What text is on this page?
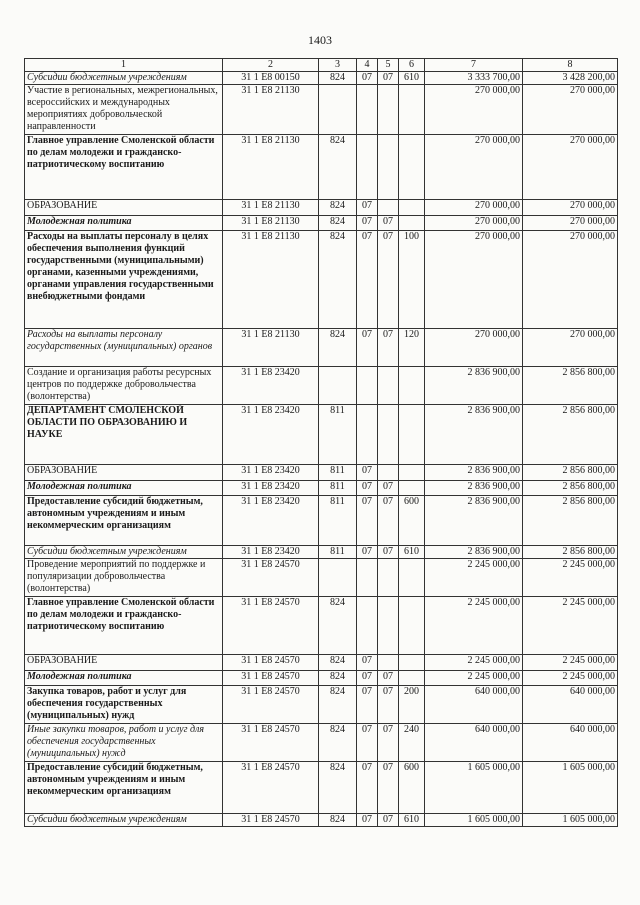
1403
1	2	3	4	5	6	7	8
Субсидии бюджетным учреждениям	31 1 E8 00150	824	07	07	610	3 333 700,00	3 428 200,00
Участие в региональных, межрегиональных, всероссийских и международных мероприятиях добровольческой направленности	31 1 E8 21130					270 000,00	270 000,00
Главное управление Смоленской области по делам молодежи и гражданско-патриотическому воспитанию	31 1 E8 21130	824				270 000,00	270 000,00
ОБРАЗОВАНИЕ	31 1 E8 21130	824	07			270 000,00	270 000,00
Молодежная политика	31 1 E8 21130	824	07	07		270 000,00	270 000,00
Расходы на выплаты персоналу в целях обеспечения выполнения функций государственными (муниципальными) органами, казенными учреждениями, органами управления государственными внебюджетными фондами	31 1 E8 21130	824	07	07	100	270 000,00	270 000,00
Расходы на выплаты персоналу государственных (муниципальных) органов	31 1 E8 21130	824	07	07	120	270 000,00	270 000,00
Создание и организация работы ресурсных центров по поддержке добровольчества (волонтерства)	31 1 E8 23420					2 836 900,00	2 856 800,00
ДЕПАРТАМЕНТ СМОЛЕНСКОЙ ОБЛАСТИ ПО ОБРАЗОВАНИЮ И НАУКЕ	31 1 E8 23420	811				2 836 900,00	2 856 800,00
ОБРАЗОВАНИЕ	31 1 E8 23420	811	07			2 836 900,00	2 856 800,00
Молодежная политика	31 1 E8 23420	811	07	07		2 836 900,00	2 856 800,00
Предоставление субсидий бюджетным, автономным учреждениям и иным некоммерческим организациям	31 1 E8 23420	811	07	07	600	2 836 900,00	2 856 800,00
Субсидии бюджетным учреждениям	31 1 E8 23420	811	07	07	610	2 836 900,00	2 856 800,00
Проведение мероприятий по поддержке и популяризации добровольчества (волонтерства)	31 1 E8 24570					2 245 000,00	2 245 000,00
Главное управление Смоленской области по делам молодежи и гражданско-патриотическому воспитанию	31 1 E8 24570	824				2 245 000,00	2 245 000,00
ОБРАЗОВАНИЕ	31 1 E8 24570	824	07			2 245 000,00	2 245 000,00
Молодежная политика	31 1 E8 24570	824	07	07		2 245 000,00	2 245 000,00
Закупка товаров, работ и услуг для обеспечения государственных (муниципальных) нужд	31 1 E8 24570	824	07	07	200	640 000,00	640 000,00
Иные закупки товаров, работ и услуг для обеспечения государственных (муниципальных) нужд	31 1 E8 24570	824	07	07	240	640 000,00	640 000,00
Предоставление субсидий бюджетным, автономным учреждениям и иным некоммерческим организациям	31 1 E8 24570	824	07	07	600	1 605 000,00	1 605 000,00
Субсидии бюджетным учреждениям	31 1 E8 24570	824	07	07	610	1 605 000,00	1 605 000,00
